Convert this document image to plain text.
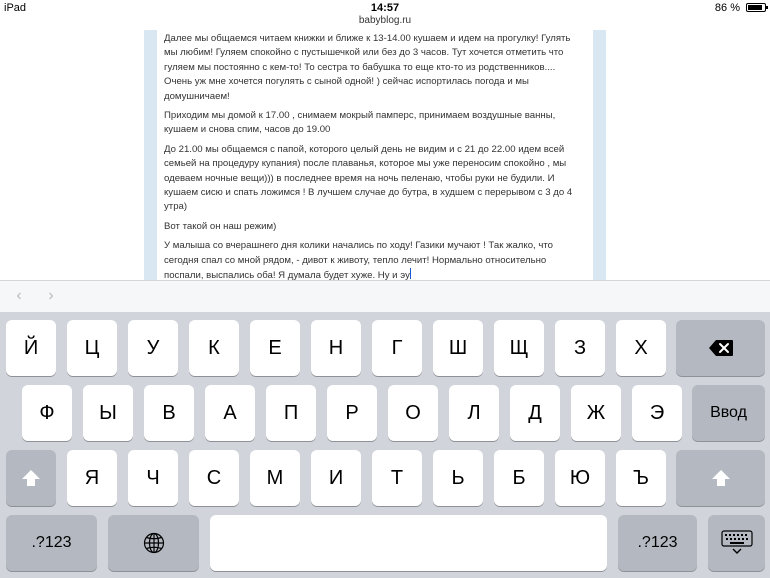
iPad	14:57
babyblog.ru
86 %

Далее мы общаемся читаем книжки и ближе к 13-14.00 кушаем и идем на прогулку! Гулять мы любим! Гуляем спокойно с пустышечкой или без до 3 часов. Тут хочется отметить что гуляем мы постоянно с кем-то! То сестра то бабушка то еще кто-то из родственников.... Очень уж мне хочется погулять с сыной одной! ) сейчас испортилась погода и мы домушничаем!

Приходим мы домой к 17.00 , снимаем мокрый памперс, принимаем воздушные ванны, кушаем и снова спим, часов до 19.00

До 21.00 мы общаемся с папой, которого целый день не видим и с 21 до 22.00 идем всей семьей на процедуру купания) после плаванья, которое мы уже переносим спокойно , мы одеваем ночные вещи))) в последнее время на ночь пеленаю, чтобы руки не будили. И кушаем сисю и спать ложимся ! В лучшем случае до бутра, в худшем с перерывом с 3 до 4 утра)

Вот такой он наш режим)

У малыша со вчерашнего дня колики начались по ходу! Газики мучают ! Так жалко, что сегодня спал со мной рядом, - дивот к животу, тепло лечит! Нормально относительно поспали, выспались оба! Я думала будет хуже. Ну и эу

‹	›
Й	Ц	У	К	Е	Н	Г	Ш	Щ	З	Х
Ф	Ы	В	А	П	Р	О	Л	Д	Ж	Э	Ввод
Я	Ч	С	М	И	Т	Ь	Б	Ю	Ъ
.?123	.?123
